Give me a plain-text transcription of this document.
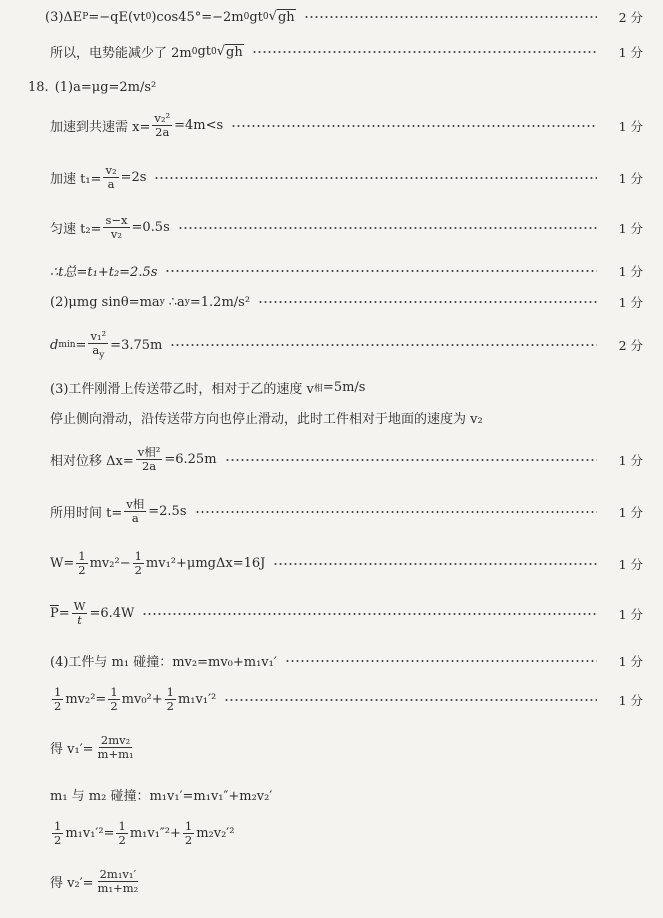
(3)ΔE P =−qE(vt 0 )cos45°=−2m 0 gt 0 √ gh	2 分
所以，电势能减少了 2m 0 gt 0 √ gh	1 分
18. (1)a=μg=2m/s²
加速到共速需 $x= \frac{\text{v₂²}}{2a} =4m<s$	1 分
加速 $t_1= \frac{\text{v₂}}{a} =2s$	1 分
匀速 $t_2= \frac{s-x}{\text{v₂}} =0.5s$	1 分
∴t总=t₁+t₂=2.5s	1 分
(2)μmg sinθ=ma y ∴a y =1.2m/s²	1 分
d $\min = \frac{\text{v₁²}}{a_y} =3.75m$	2 分
(3)工件刚滑上传送带乙时，相对于乙的速度 v 相 =5m/s
停止侧向滑动，沿传送带方向也停止滑动，此时工件相对于地面的速度为 v₂
相对位移 $\Delta x= \frac{\text{v相²}}{2a} =6.25m$	1 分
所用时间 $t= \frac{\text{v相}}{a} =2.5s$	1 分
$W= \frac{1}{2} mv_2^2- \frac{1}{2} mv_1^2+\mu mg\Delta x=16J$	1 分
$\overline{P} = \frac{W}{t} =6.4W$	1 分
(4)工件与 m₁ 碰撞：mv₂=mv₀+m₁v₁′	1 分
$\frac{1}{2} mv_2^2= \frac{1}{2} mv_0^2+ \frac{1}{2} m_1v_1'^2$	1 分
得 $v_1'= \frac{\text{2mv₂}}{\text{m+m₁}}$
m₁ 与 m₂ 碰撞：m₁v₁′=m₁v₁″+m₂v₂′
$\frac{1}{2} m_1v_1'^2= \frac{1}{2} m_1v_1''^2+ \frac{1}{2} m_2v_2'^2$
得 $v_2'= \frac{\text{2m₁v₁′}}{\text{m₁+m₂}}$
